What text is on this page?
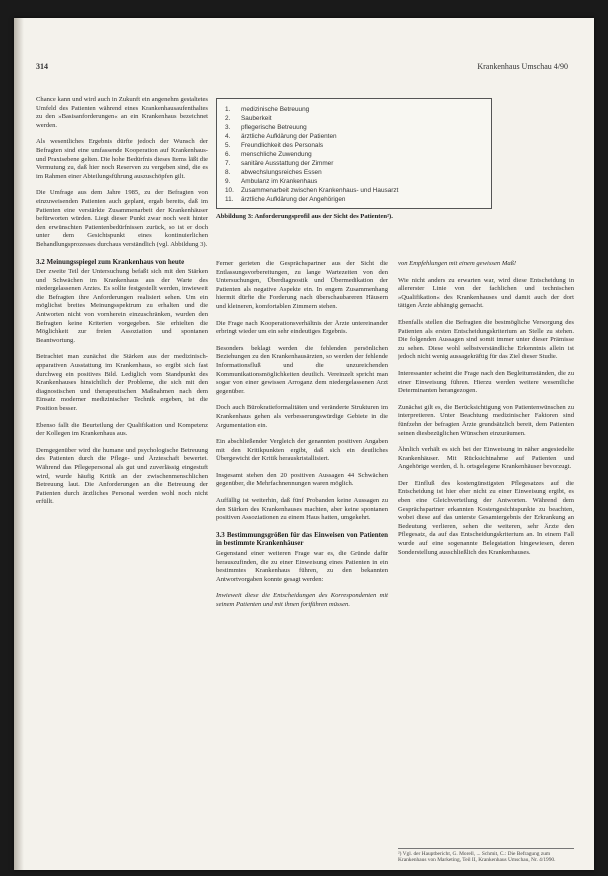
314	Krankenhaus Umschau 4/90

Chance kann und wird auch in Zukunft ein angenehm gestaltetes Umfeld des Patienten während eines Krankenhausaufenthaltes zu den »Basisanforderungen« an ein Krankenhaus bezeichnet werden.

Als wesentliches Ergebnis dürfte jedoch der Wunsch der Befragten sind eine umfassende Kooperation auf Krankenhaus- und Praxisebene gelten. Die hohe Bedürfnis dieses Items läßt die Vermutung zu, daß hier noch Reserven zu vergeben sind, die es im Rahmen einer Abteilungsführung auszuschöpfen gilt.

Die Umfrage aus dem Jahre 1985, zu der Befragten von einzuweisenden Patienten auch geplant, ergab bereits, daß im Patienten eine verstärkte Zusammenarbeit der Krankenhäuser befürworten würden. Liegt dieser Punkt zwar noch weit hinter den erwünschten Patientenbedürfnissen zurück, so ist er doch unter dem Gesichtspunkt eines kontinuierlichen Behandlungsprozesses durchaus verständlich (vgl. Abbildung 3).

3.2 Meinungsspiegel zum Krankenhaus von heute

Der zweite Teil der Untersuchung befaßt sich mit den Stärken und Schwächen im Krankenhaus aus der Warte des niedergelassenen Arztes. Es sollte festgestellt werden, inwieweit die Befragten ihre Anforderungen realisiert sehen. Um ein möglichst breites Meinungsspektrum zu erhalten und die Antworten nicht von vornherein einzuschränken, wurden den Befragten keine Kriterien vorgegeben. Sie erhielten die Möglichkeit zur freien Assoziation und spontanen Beantwortung.

Betrachtet man zunächst die Stärken aus der medizinisch-apparativen Ausstattung im Krankenhaus, so ergibt sich fast durchweg ein positives Bild. Lediglich vom Standpunkt des Krankenhauses hinsichtlich der Probleme, die sich mit den diagnostischen und therapeutischen Maßnahmen nach dem Einsatz moderner medizinischer Technik ergeben, ist die Position besser.

Ebenso fallt die Beurteilung der Qualifikation und Kompetenz der Kollegen im Krankenhaus aus.

Demgegenüber wird die humane und psychologische Betreuung des Patienten durch die Pflege- und Ärzteschaft bewertet. Während das Pflegepersonal als gut und zuverlässig eingestuft wird, wurde häufig Kritik an der zwischenmenschlichen Betreuung laut. Die Anforderungen an die Betreuung der Patienten durch ärztliches Personal werden wohl noch nicht erfüllt.

1. medizinische Betreuung
2. Sauberkeit
3. pflegerische Betreuung
4. ärztliche Aufklärung der Patienten
5. Freundlichkeit des Personals
6. menschliche Zuwendung
7. sanitäre Ausstattung der Zimmer
8. abwechslungsreiches Essen
9. Ambulanz im Krankenhaus
10. Zusammenarbeit zwischen Krankenhaus- und Hausarzt
11. ärztliche Aufklärung der Angehörigen
Abbildung 3: Anforderungsprofil aus der Sicht des Patienten²).

Ferner gerieten die Gesprächspartner aus der Sicht die Entlassungsvorbereitungen, zu lange Wartezeiten von den Untersuchungen, Überdiagnostik und Übermedikation der Patienten als negative Aspekte ein. In engem Zusammenhang hiermit dürfte die Forderung nach überschaubareren Häusern und kleineren, komfortablen Zimmern stehen.

Die Frage nach Kooperationsverhältnis der Ärzte untereinander erbringt wieder um ein sehr eindeutiges Ergebnis.

Besonders beklagt werden die fehlenden persönlichen Beziehungen zu den Krankenhausärzten, so werden der fehlende Informationsfluß und die unzureichenden Kommunikationsmöglichkeiten deutlich. Vereinzelt spricht man sogar von einer gewissen Arroganz dem niedergelassenen Arzt gegenüber.

Doch auch Bürokratieformalitäten und veränderte Strukturen im Krankenhaus gehen als verbesserungswürdige Gebiete in die Argumentation ein.

Ein abschließender Vergleich der genannten positiven Angaben mit den Kritikpunkten ergibt, daß sich ein deutliches Übergewicht der Kritik herauskristallisiert.

Insgesamt stehen den 20 positiven Aussagen 44 Schwächen gegenüber, die Mehrfachnennungen waren möglich.

Auffällig ist weiterhin, daß fünf Probanden keine Aussagen zu den Stärken des Krankenhauses machten, aber keine spontanen positiven Assoziationen zu einem Haus hatten, umgekehrt.

3.3 Bestimmungsgrößen für das Einweisen von Patienten in bestimmte Krankenhäuser

Gegenstand einer weiteren Frage war es, die Gründe dafür herauszufinden, die zu einer Einweisung eines Patienten in ein bestimmtes Krankenhaus führen, zu den bekannten Antwortvorgaben konnte gesagt werden:

Inwieweit diese die Entscheidungen des Korrespondenten mit seinem Patienten und mit ihnen fortführen müssen.

von Empfehlungen mit einem gewissen Maß!

Wie nicht anders zu erwarten war, wird diese Entscheidung in allererster Linie von der fachlichen und technischen »Qualifikation« des Krankenhauses und damit auch der dort tätigen Ärzte abhängig gemacht.

Ebenfalls stellen die Befragten die bestmögliche Versorgung des Patienten als ersten Entscheidungskriterium an Stelle zu stehen. Die folgenden Aussagen sind somit immer unter dieser Prämisse zu sehen. Diese wohl selbstverständliche Erkenntnis allein ist jedoch nicht wenig aussagekräftig für das Ziel dieser Studie.

Interessanter scheint die Frage nach den Begleitumständen, die zu einer Einweisung führen. Hierzu werden weitere wesentliche Determinanten herangezogen.

Zunächst gilt es, die Berücksichtigung von Patientenwünschen zu interpretieren. Unter Beachtung medizinischer Faktoren sind fünfzehn der befragten Ärzte grundsätzlich bereit, dem Patienten seinen diesbezüglichen Wünschen einzuräumen.

Ähnlich verhält es sich bei der Einweisung in näher angesiedelte Krankenhäuser. Mit Rücksichtnahme auf Patienten und Angehörige werden, d. h. ortsgelegene Krankenhäuser bevorzugt.

Der Einfluß des kostengünstigsten Pflegesatzes auf die Entscheidung ist hier eher nicht zu einer Einweisung ergibt, es eben eine Gleichverteilung der Antworten. Während dem Gesprächspartner erkannten Kostengesichtspunkte zu beachten, wobei diese auf das unterste Gesamtergebnis der Erkrankung an Bedeutung verlieren, sehen die weiteren, sehr Ärzte den Pflegesatz, da auf das Entscheidungskriterium an. In einem Fall wurde auf eine sogenannte Belegstation hingewiesen, deren Sonderstellung ausschließlich des Krankenhauses.

²) Vgl. der Hauptbericht, G. Morell, ... Schmit, C.: Die Befragung zum Krankenhaus von Marketing, Teil II, Krankenhaus Umschau, Nr. 4/1990.
